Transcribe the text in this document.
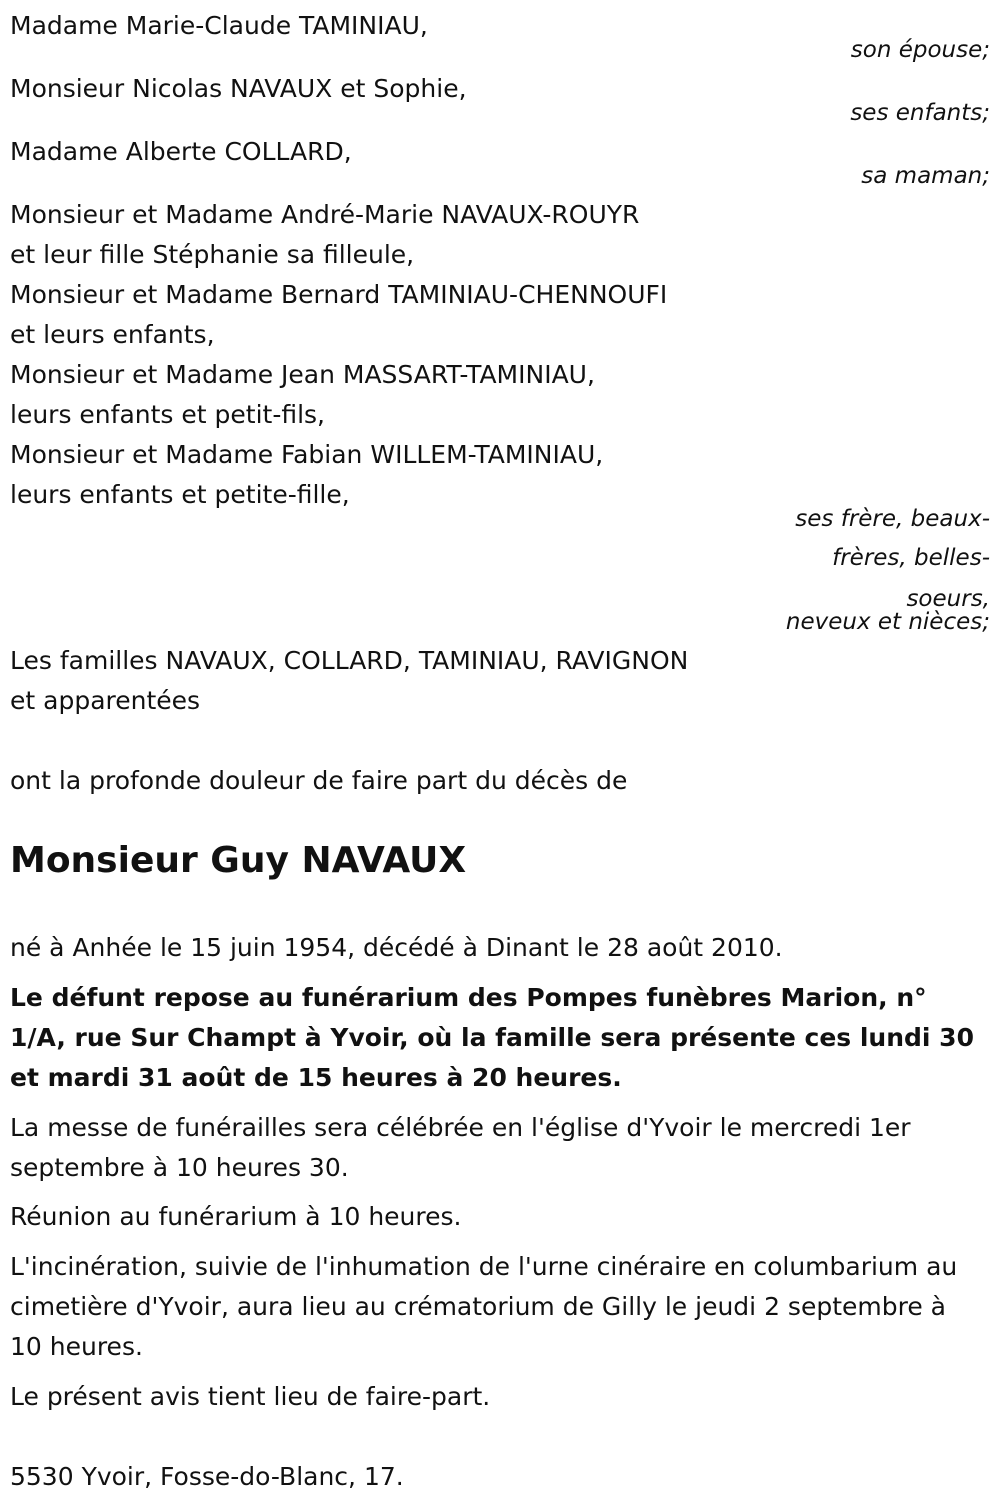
Madame Marie-Claude TAMINIAU,
son épouse;
Monsieur Nicolas NAVAUX et Sophie,
ses enfants;
Madame Alberte COLLARD,
sa maman;
Monsieur et Madame André-Marie NAVAUX-ROUYR
et leur fille Stéphanie sa filleule,
Monsieur et Madame Bernard TAMINIAU-CHENNOUFI
et leurs enfants,
Monsieur et Madame Jean MASSART-TAMINIAU,
leurs enfants et petit-fils,
Monsieur et Madame Fabian WILLEM-TAMINIAU,
leurs enfants et petite-fille,
ses frère, beaux-
frères, belles-
soeurs,
neveux et nièces;
Les familles NAVAUX, COLLARD, TAMINIAU, RAVIGNON
et apparentées
ont la profonde douleur de faire part du décès de
Monsieur Guy NAVAUX
né à Anhée le 15 juin 1954, décédé à Dinant le 28 août 2010.
Le défunt repose au funérarium des Pompes funèbres Marion, n° 1/A, rue Sur Champt à Yvoir, où la famille sera présente ces lundi 30 et mardi 31 août de 15 heures à 20 heures.
La messe de funérailles sera célébrée en l'église d'Yvoir le mercredi 1er septembre à 10 heures 30.
Réunion au funérarium à 10 heures.
L'incinération, suivie de l'inhumation de l'urne cinéraire en columbarium au cimetière d'Yvoir, aura lieu au crématorium de Gilly le jeudi 2 septembre à 10 heures.
Le présent avis tient lieu de faire-part.
5530 Yvoir, Fosse-do-Blanc, 17.
